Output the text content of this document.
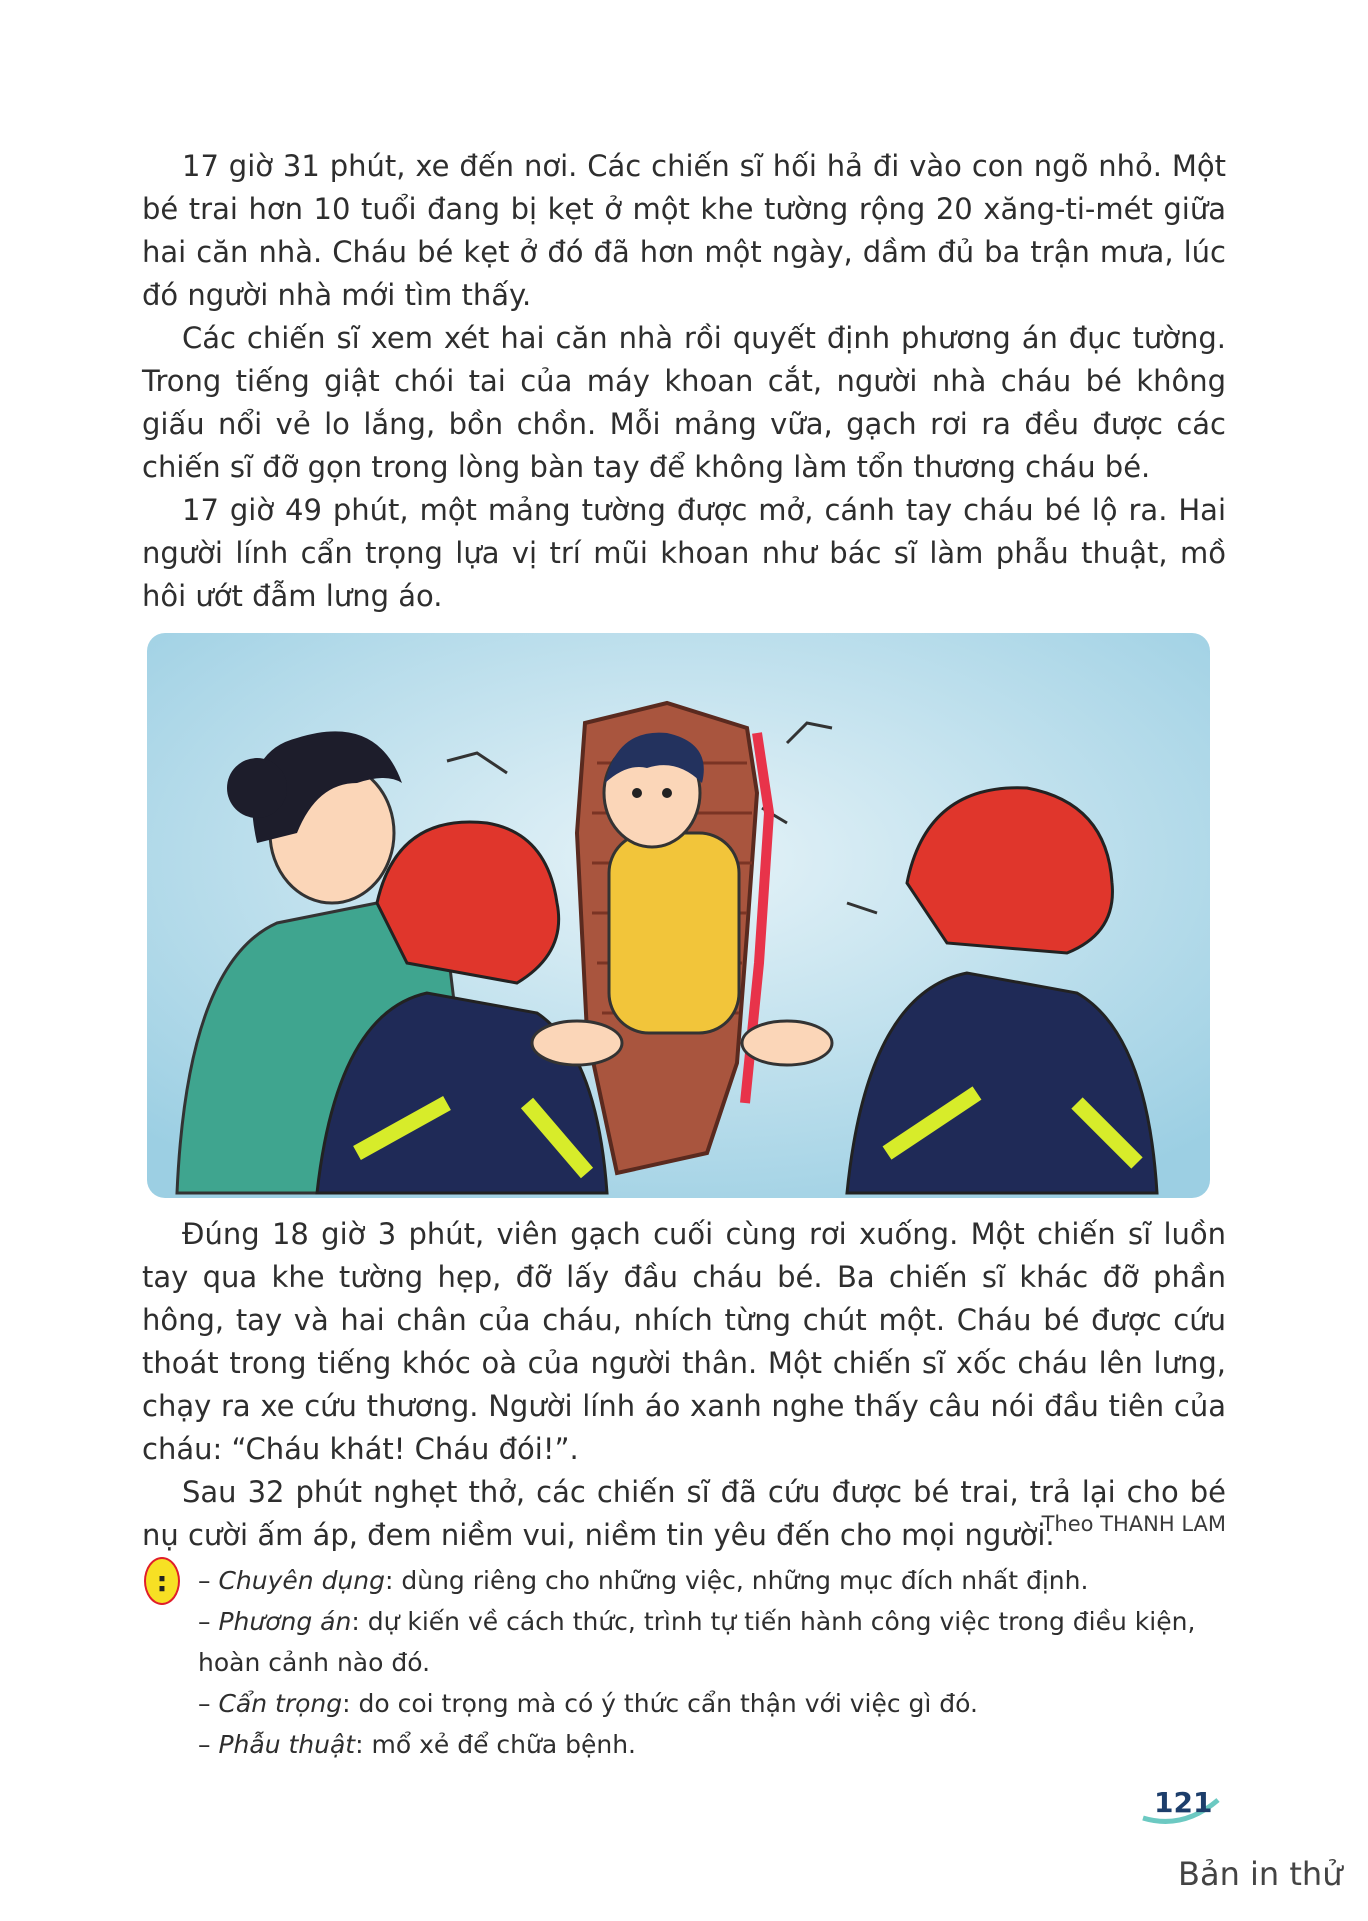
17 giờ 31 phút, xe đến nơi. Các chiến sĩ hối hả đi vào con ngõ nhỏ. Một bé trai hơn 10 tuổi đang bị kẹt ở một khe tường rộng 20 xăng-ti-mét giữa hai căn nhà. Cháu bé kẹt ở đó đã hơn một ngày, dầm đủ ba trận mưa, lúc đó người nhà mới tìm thấy.

Các chiến sĩ xem xét hai căn nhà rồi quyết định phương án đục tường. Trong tiếng giật chói tai của máy khoan cắt, người nhà cháu bé không giấu nổi vẻ lo lắng, bồn chồn. Mỗi mảng vữa, gạch rơi ra đều được các chiến sĩ đỡ gọn trong lòng bàn tay để không làm tổn thương cháu bé.

17 giờ 49 phút, một mảng tường được mở, cánh tay cháu bé lộ ra. Hai người lính cẩn trọng lựa vị trí mũi khoan như bác sĩ làm phẫu thuật, mồ hôi ướt đẫm lưng áo.

Đúng 18 giờ 3 phút, viên gạch cuối cùng rơi xuống. Một chiến sĩ luồn tay qua khe tường hẹp, đỡ lấy đầu cháu bé. Ba chiến sĩ khác đỡ phần hông, tay và hai chân của cháu, nhích từng chút một. Cháu bé được cứu thoát trong tiếng khóc oà của người thân. Một chiến sĩ xốc cháu lên lưng, chạy ra xe cứu thương. Người lính áo xanh nghe thấy câu nói đầu tiên của cháu: “Cháu khát! Cháu đói!”.

Sau 32 phút nghẹt thở, các chiến sĩ đã cứu được bé trai, trả lại cho bé nụ cười ấm áp, đem niềm vui, niềm tin yêu đến cho mọi người.

Theo THANH LAM
:	– Chuyên dụng: dùng riêng cho những việc, những mục đích nhất định.

– Phương án: dự kiến về cách thức, trình tự tiến hành công việc trong điều kiện, hoàn cảnh nào đó.

– Cẩn trọng: do coi trọng mà có ý thức cẩn thận với việc gì đó.

– Phẫu thuật: mổ xẻ để chữa bệnh.

121
Bản in thử
